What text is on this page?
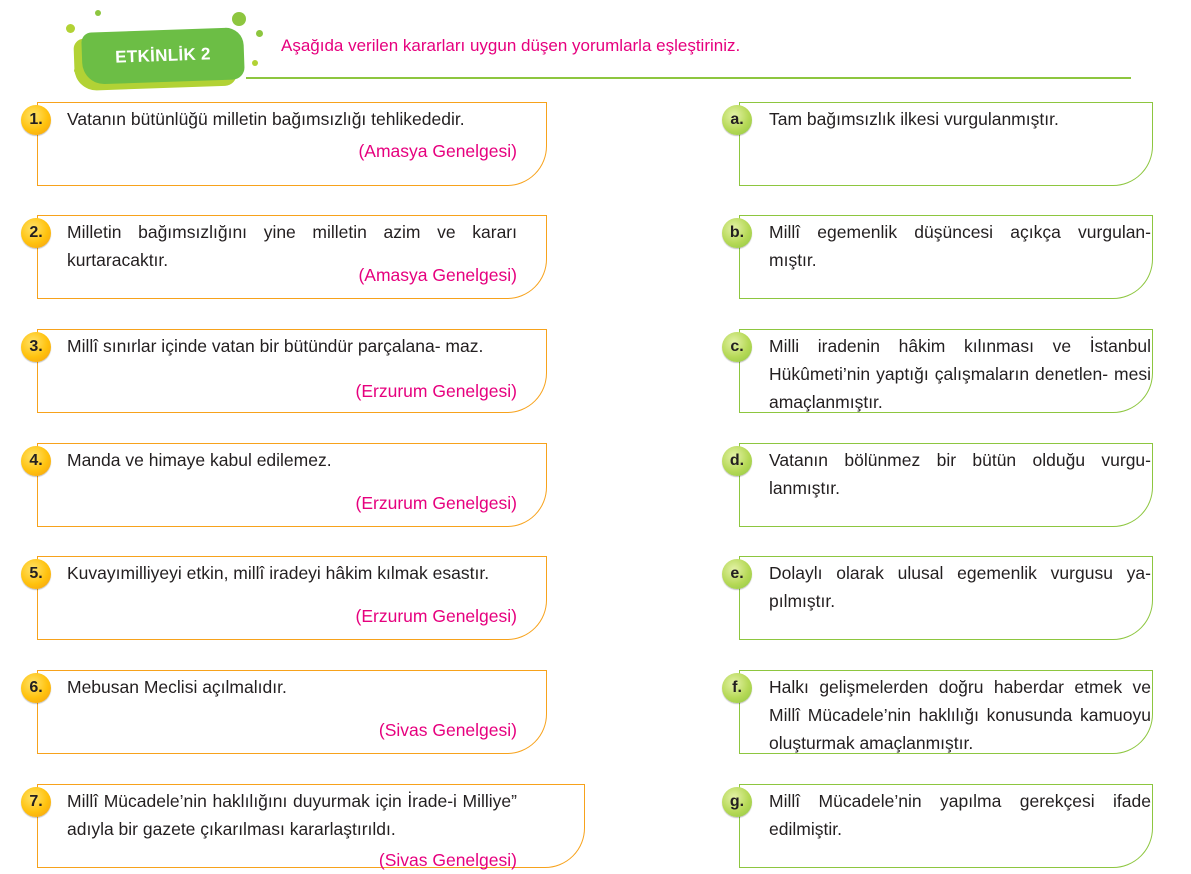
ETKİNLİK 2	Aşağıda verilen kararları uygun düşen yorumlarla eşleştiriniz.
1.	Vatanın bütünlüğü milletin bağımsızlığı tehlikededir.
(Amasya Genelgesi)
a.	Tam bağımsızlık ilkesi vurgulanmıştır.
2.	Milletin bağımsızlığını yine milletin azim ve kararı kurtaracaktır.
(Amasya Genelgesi)
b.	Millî egemenlik düşüncesi açıkça vurgulan- mıştır.
3.	Millî sınırlar içinde vatan bir bütündür parçalana- maz.
(Erzurum Genelgesi)
c.	Milli iradenin hâkim kılınması ve İstanbul Hükûmeti’nin yaptığı çalışmaların denetlen- mesi amaçlanmıştır.
4.	Manda ve himaye kabul edilemez.
(Erzurum Genelgesi)
d.	Vatanın bölünmez bir bütün olduğu vurgu- lanmıştır.
5.	Kuvayımilliyeyi etkin, millî iradeyi hâkim kılmak esastır.
(Erzurum Genelgesi)
e.	Dolaylı olarak ulusal egemenlik vurgusu ya- pılmıştır.
6.	Mebusan Meclisi açılmalıdır.
(Sivas Genelgesi)
f.	Halkı gelişmelerden doğru haberdar etmek ve Millî Mücadele’nin haklılığı konusunda kamuoyu oluşturmak amaçlanmıştır.
7.	Millî Mücadele’nin haklılığını duyurmak için İrade-i Milliye” adıyla bir gazete çıkarılması kararlaştırıldı.
(Sivas Genelgesi)
g.	Millî Mücadele’nin yapılma gerekçesi ifade edilmiştir.
